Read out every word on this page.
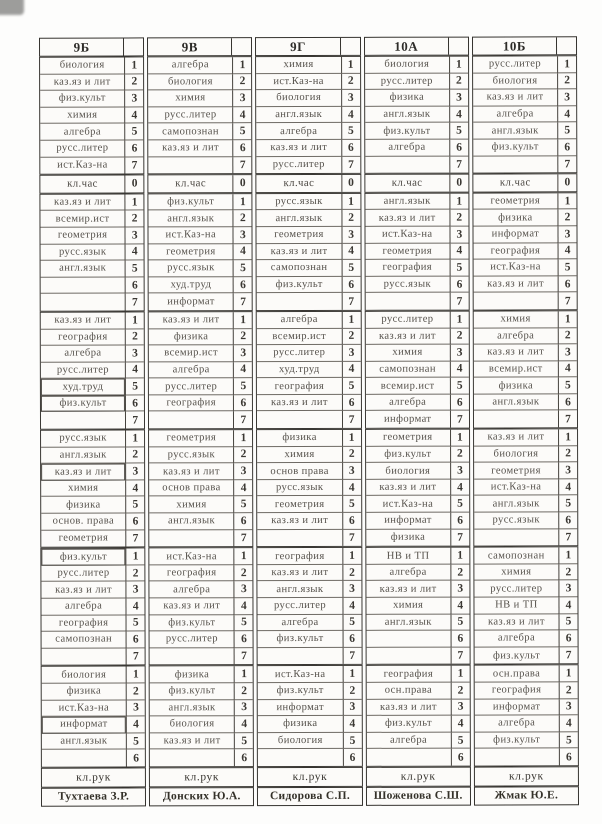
9Б
биология	1
каз.яз и лит	2
физ.культ	3
химия	4
алгебра	5
русс.литер	6
ист.Каз-на	7
кл.час	0
каз.яз и лит	1
всемир.ист	2
геометрия	3
русс.язык	4
англ.язык	5
6
7
каз.яз и лит	1
география	2
алгебра	3
русс.литер	4
худ.труд	5
физ.культ	6
7
русс.язык	1
англ.язык	2
каз.яз и лит	3
химия	4
физика	5
основ. права	6
геометрия	7
физ.культ	1
русс.литер	2
каз.яз и лит	3
алгебра	4
география	5
самопознан	6
7
биология	1
физика	2
ист.Каз-на	3
информат	4
англ.язык	5
6
кл.рук
Тухтаева З.Р.
9В
алгебра	1
биология	2
химия	3
русс.литер	4
самопознан	5
каз.яз и лит	6
7
кл.час	0
физ.культ	1
англ.язык	2
ист.Каз-на	3
геометрия	4
русс.язык	5
худ.труд	6
информат	7
каз.яз и лит	1
физика	2
всемир.ист	3
алгебра	4
русс.литер	5
география	6
7
геометрия	1
русс.язык	2
каз.яз и лит	3
основ права	4
химия	5
англ.язык	6
7
ист.Каз-на	1
география	2
алгебра	3
каз.яз и лит	4
физ.культ	5
русс.литер	6
7
физика	1
физ.культ	2
англ.язык	3
биология	4
каз.яз и лит	5
6
кл.рук
Донских Ю.А.
9Г
химия	1
ист.Каз-на	2
биология	3
англ.язык	4
алгебра	5
каз.яз и лит	6
русс.литер	7
кл.час	0
русс.язык	1
англ.язык	2
геометрия	3
каз.яз и лит	4
самопознан	5
физ.культ	6
7
алгебра	1
всемир.ист	2
русс.литер	3
худ.труд	4
география	5
каз.яз и лит	6
7
физика	1
химия	2
основ права	3
русс.язык	4
геометрия	5
каз.яз и лит	6
7
география	1
каз.яз и лит	2
англ.язык	3
русс.литер	4
алгебра	5
физ.культ	6
7
ист.Каз-на	1
физ.культ	2
информат	3
физика	4
биология	5
6
кл.рук
Сидорова С.П.
10А
биология	1
русс.литер	2
физика	3
англ.язык	4
физ.культ	5
алгебра	6
7
кл.час	0
англ.язык	1
каз.яз и лит	2
ист.Каз-на	3
геометрия	4
география	5
русс.язык	6
7
русс.литер	1
каз.яз и лит	2
химия	3
самопознан	4
всемир.ист	5
алгебра	6
информат	7
геометрия	1
физ.культ	2
биология	3
каз.яз и лит	4
ист.Каз-на	5
информат	6
физика	7
НВ и ТП	1
алгебра	2
каз.яз и лит	3
химия	4
англ.язык	5
6
7
география	1
осн.права	2
каз.яз и лит	3
физ.культ	4
алгебра	5
6
кл.рук
Шоженова С.Ш.
10Б
русс.литер	1
биология	2
каз.яз и лит	3
алгебра	4
англ.язык	5
физ.культ	6
7
кл.час	0
геометрия	1
физика	2
информат	3
география	4
ист.Каз-на	5
каз.яз и лит	6
7
химия	1
алгебра	2
каз.яз и лит	3
всемир.ист	4
физика	5
англ.язык	6
7
каз.яз и лит	1
биология	2
геометрия	3
ист.Каз-на	4
англ.язык	5
русс.язык	6
7
самопознан	1
химия	2
русс.литер	3
НВ и ТП	4
каз.яз и лит	5
алгебра	6
физ.культ	7
осн.права	1
география	2
информат	3
алгебра	4
физ.культ	5
6
кл.рук
Жмак Ю.Е.
